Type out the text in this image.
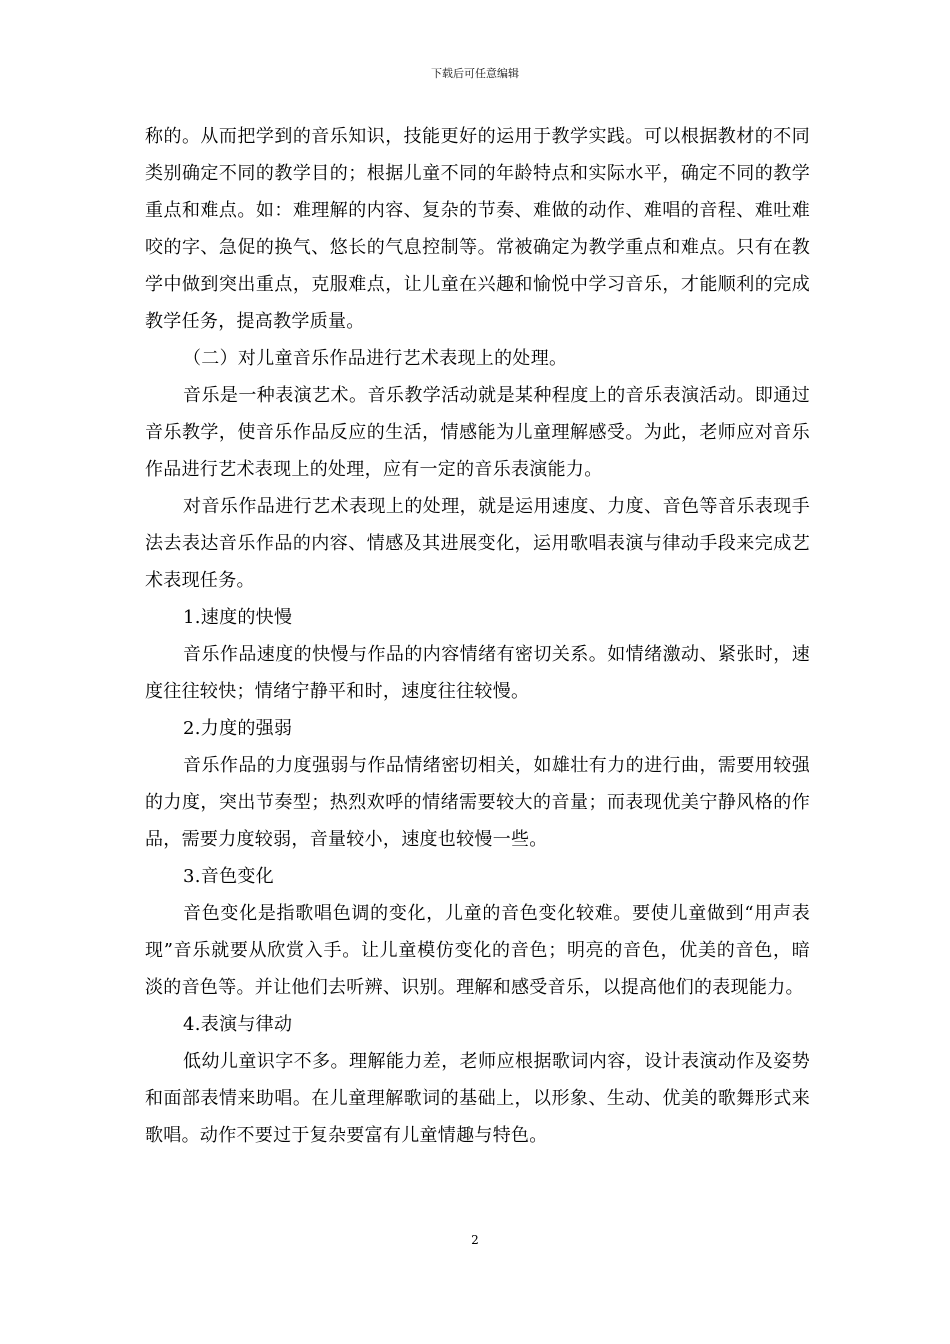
下载后可任意编辑

称的。从而把学到的音乐知识，技能更好的运用于教学实践。可以根据教材的不同类别确定不同的教学目的；根据儿童不同的年龄特点和实际水平，确定不同的教学重点和难点。如：难理解的内容、复杂的节奏、难做的动作、难唱的音程、难吐难咬的字、急促的换气、悠长的气息控制等。常被确定为教学重点和难点。只有在教学中做到突出重点，克服难点，让儿童在兴趣和愉悦中学习音乐，才能顺利的完成教学任务，提高教学质量。

（二）对儿童音乐作品进行艺术表现上的处理。

音乐是一种表演艺术。音乐教学活动就是某种程度上的音乐表演活动。即通过音乐教学，使音乐作品反应的生活，情感能为儿童理解感受。为此，老师应对音乐作品进行艺术表现上的处理，应有一定的音乐表演能力。

对音乐作品进行艺术表现上的处理，就是运用速度、力度、音色等音乐表现手法去表达音乐作品的内容、情感及其进展变化，运用歌唱表演与律动手段来完成艺术表现任务。

1.速度的快慢

音乐作品速度的快慢与作品的内容情绪有密切关系。如情绪激动、紧张时，速度往往较快；情绪宁静平和时，速度往往较慢。

2.力度的强弱

音乐作品的力度强弱与作品情绪密切相关，如雄壮有力的进行曲，需要用较强的力度，突出节奏型；热烈欢呼的情绪需要较大的音量；而表现优美宁静风格的作品，需要力度较弱，音量较小，速度也较慢一些。

3.音色变化

音色变化是指歌唱色调的变化，儿童的音色变化较难。要使儿童做到“用声表现”音乐就要从欣赏入手。让儿童模仿变化的音色；明亮的音色，优美的音色，暗淡的音色等。并让他们去听辨、识别。理解和感受音乐，以提高他们的表现能力。

4.表演与律动

低幼儿童识字不多。理解能力差，老师应根据歌词内容，设计表演动作及姿势和面部表情来助唱。在儿童理解歌词的基础上，以形象、生动、优美的歌舞形式来歌唱。动作不要过于复杂要富有儿童情趣与特色。

2
